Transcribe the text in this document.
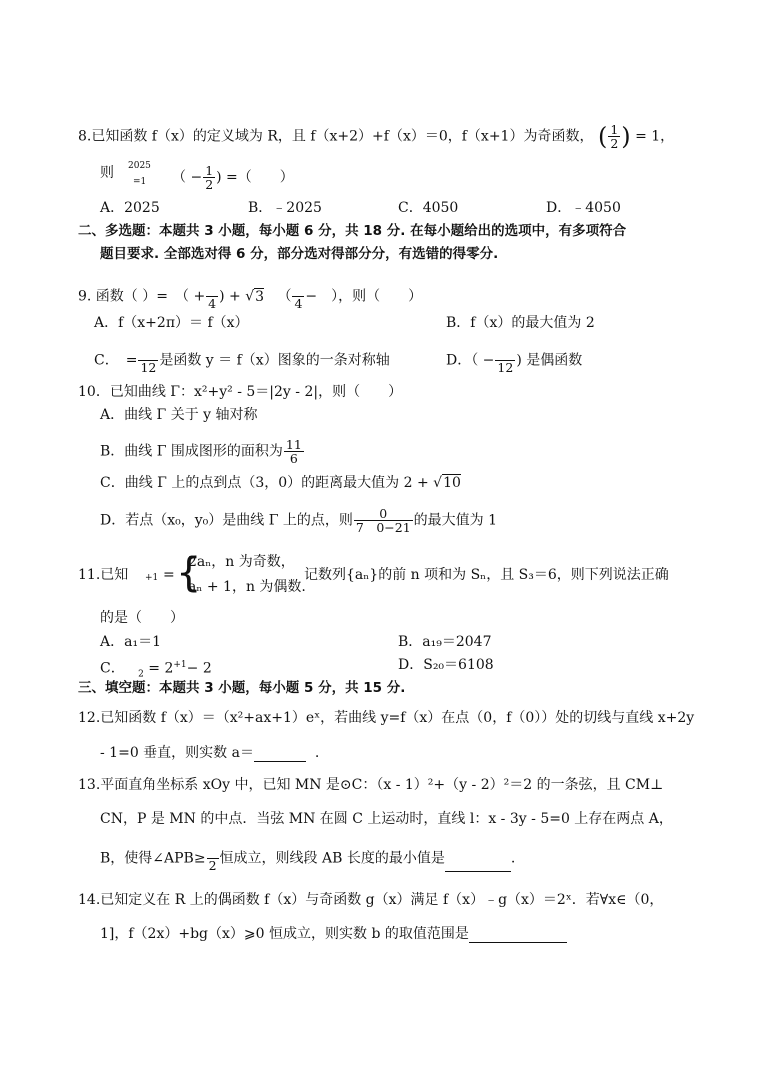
8.已知函数 f（x）的定义域为 R，且 f（x+2）+f（x）＝0，f（x+1）为奇函数， ( $\frac{1}{2}$ ) = 1，
则 2025
=1 （ − $\frac{1}{2}$ ) =（　　）
A．2025	B．﹣2025	C．4050	D．﹣4050
二、多选题：本题共 3 小题，每小题 6 分，共 18 分. 在每小题给出的选项中，有多项符合
题目要求. 全部选对得 6 分，部分选对得部分分，有选错的得零分.
9. 函数（ ）=　（ +
4 ) + √3 （
4 −　），则（　　）
A．f（x+2π）＝ f（x）	B．f（x）的最大值为 2
C．　=
12 是函数 y ＝ f（x）图象的一条对称轴	D．（ −
12 ) 是偶函数
10．已知曲线 Γ：x²+y² - 5＝|2y - 2|，则（　　）
A．曲线 Γ 关于 y 轴对称
B．曲线 Γ 围成图形的面积为 $\frac{11}{6}$
C．曲线 Γ 上的点到点（3，0）的距离最大值为 2 + √10
D．若点（x₀，y₀）是曲线 Γ 上的点，则 $\frac{0}{7 0-21}$ 的最大值为 1
11.已知 +1 = {
2aₙ，n 为奇数，
aₙ + 1，n 为偶数.
记数列{aₙ}的前 n 项和为 Sₙ，且 S₃＝6，则下列说法正确
的是（　　）
A．a₁＝1	B．a₁₉＝2047
C． $_2 = 2^{+1}- 2$	D．S₂₀＝6108
三、填空题：本题共 3 小题，每小题 5 分，共 15 分.
12.已知函数 f（x）＝（x²+ax+1）eˣ，若曲线 y=f（x）在点（0，f（0））处的切线与直线 x+2y
- 1=0 垂直，则实数 a＝	.
13.平面直角坐标系 xOy 中，已知 MN 是⊙C：（x - 1）²+（y - 2）²＝2 的一条弦，且 CM⊥
CN，P 是 MN 的中点．当弦 MN 在圆 C 上运动时，直线 l：x - 3y - 5=0 上存在两点 A，
B，使得∠APB≥
2 恒成立，则线段 AB 长度的最小值是	.
14.已知定义在 R 上的偶函数 f（x）与奇函数 g（x）满足 f（x）﹣g（x）＝2ˣ．若∀x∈（0，
1]，f（2x）+bg（x）⩾0 恒成立，则实数 b 的取值范围是
